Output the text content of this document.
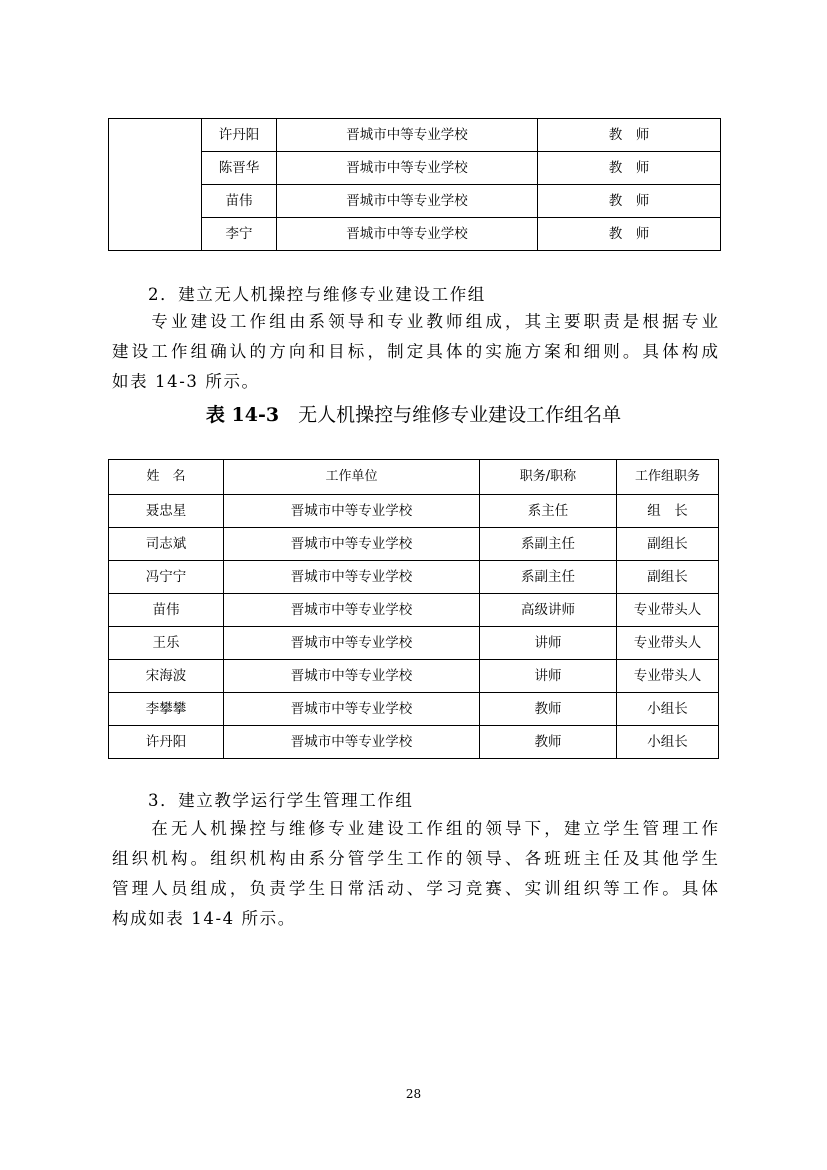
	许丹阳	晋城市中等专业学校	教　师
	陈晋华	晋城市中等专业学校	教　师
	苗伟	晋城市中等专业学校	教　师
	李宁	晋城市中等专业学校	教　师
2．建立无人机操控与维修专业建设工作组
　　专业建设工作组由系领导和专业教师组成，其主要职责是根据专业
建设工作组确认的方向和目标，制定具体的实施方案和细则。具体构成
如表 14-3 所示。
表 14-3　 无人机操控与维修专业建设工作组名单
姓　名	工作单位	职务/职称	工作组职务
聂忠星	晋城市中等专业学校	系主任	组　长
司志斌	晋城市中等专业学校	系副主任	副组长
冯宁宁	晋城市中等专业学校	系副主任	副组长
苗伟	晋城市中等专业学校	高级讲师	专业带头人
王乐	晋城市中等专业学校	讲师	专业带头人
宋海波	晋城市中等专业学校	讲师	专业带头人
李攀攀	晋城市中等专业学校	教师	小组长
许丹阳	晋城市中等专业学校	教师	小组长
3．建立教学运行学生管理工作组
　　在无人机操控与维修专业建设工作组的领导下，建立学生管理工作
组织机构。组织机构由系分管学生工作的领导、各班班主任及其他学生
管理人员组成，负责学生日常活动、学习竞赛、实训组织等工作。具体
构成如表 14-4 所示。
28
